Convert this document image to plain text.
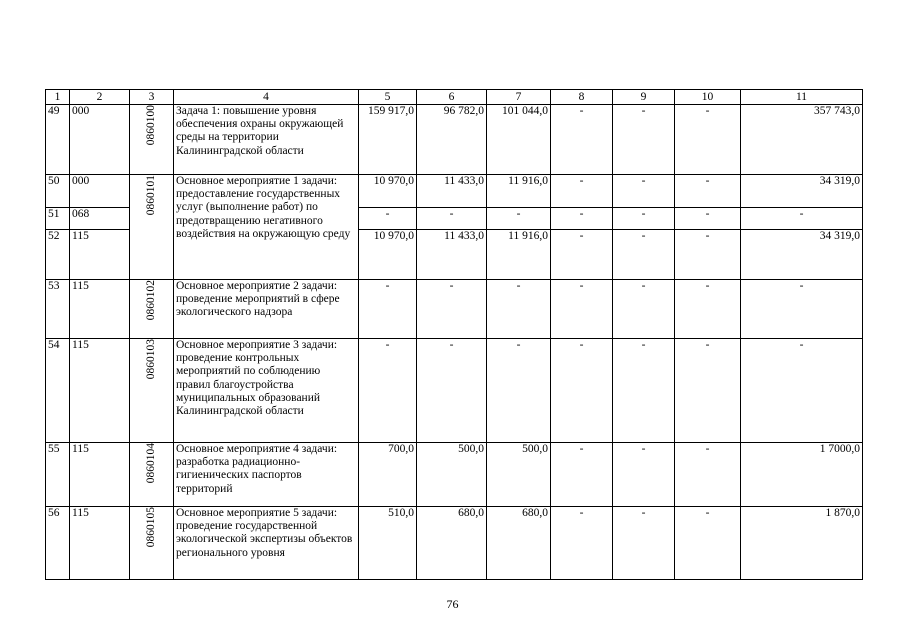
1	2	3	4	5	6	7	8	9	10	11
49	000	0860100	Задача 1: повышение уровня обеспечения охраны окружающей среды на территории Калининградской области	159 917,0	96 782,0	101 044,0	-	-	-	357 743,0
50	000	0860101	Основное мероприятие 1 задачи: предоставление государственных услуг (выполнение работ) по предотвращению негативного воздействия на окружающую среду	10 970,0	11 433,0	11 916,0	-	-	-	34 319,0
51	068			-	-	-	-	-	-	-
52	115			10 970,0	11 433,0	11 916,0	-	-	-	34 319,0
53	115	0860102	Основное мероприятие 2 задачи: проведение мероприятий в сфере экологического надзора	-	-	-	-	-	-	-
54	115	0860103	Основное мероприятие 3 задачи: проведение контрольных мероприятий по соблюдению правил благоустройства муниципальных образований Калининградской области	-	-	-	-	-	-	-
55	115	0860104	Основное мероприятие 4 задачи: разработка радиационно-гигиенических паспортов территорий	700,0	500,0	500,0	-	-	-	1 7000,0
56	115	0860105	Основное мероприятие 5 задачи: проведение государственной экологической экспертизы объектов регионального уровня	510,0	680,0	680,0	-	-	-	1 870,0
76
